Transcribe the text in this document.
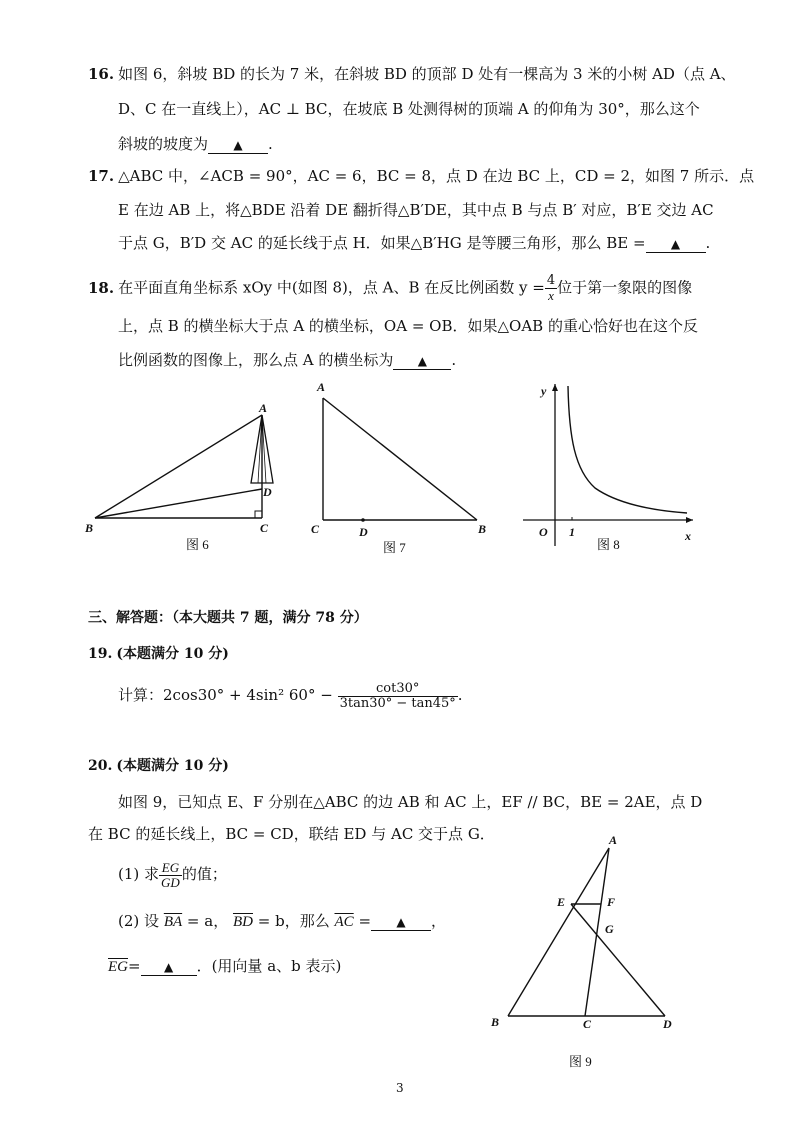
16. 如图 6，斜坡 BD 的长为 7 米，在斜坡 BD 的顶部 D 处有一棵高为 3 米的小树 AD（点 A、
D、C 在一直线上），AC ⊥ BC，在坡底 B 处测得树的顶端 A 的仰角为 30°，那么这个
斜坡的坡度为 ▲ .
17. △ABC 中，∠ACB = 90°，AC = 6，BC = 8，点 D 在边 BC 上，CD = 2，如图 7 所示．点
E 在边 AB 上，将△BDE 沿着 DE 翻折得△B′DE，其中点 B 与点 B′ 对应，B′E 交边 AC
于点 G，B′D 交 AC 的延长线于点 H．如果△B′HG 是等腰三角形，那么 BE = ▲ .
18. 在平面直角坐标系 xOy 中(如图 8)，点 A、B 在反比例函数 $y = \frac{4}{x}$ 位于第一象限的图像
上，点 B 的横坐标大于点 A 的横坐标，OA = OB．如果△OAB 的重心恰好也在这个反
比例函数的图像上，那么点 A 的横坐标为 ▲ .
A
B	C
D
图 6
A
C	D	B
图 7
y
x
O 1
图 8
三、解答题：（本大题共 7 题，满分 78 分）
19. (本题满分 10 分)
计算：2cos30° + 4sin² $60^\circ - \frac{\cot 30^\circ}{3\tan 30^\circ - \tan 45^\circ}$ .
20. (本题满分 10 分)
如图 9，已知点 E、F 分别在△ABC 的边 AB 和 AC 上，EF // BC，BE = 2AE，点 D
在 BC 的延长线上，BC = CD，联结 ED 与 AC 交于点 G．
(1) 求 $\frac{EG}{GD}$ 的值；
(2) 设 $\overline{BA} = a$， $\overline{BD} = b$，那么 $\overline{AC}$ = ▲ ，
$\overline{EG}=$ ▲ ．(用向量 a、b 表示)
A
E	F
G
B	C	D
图 9
3
